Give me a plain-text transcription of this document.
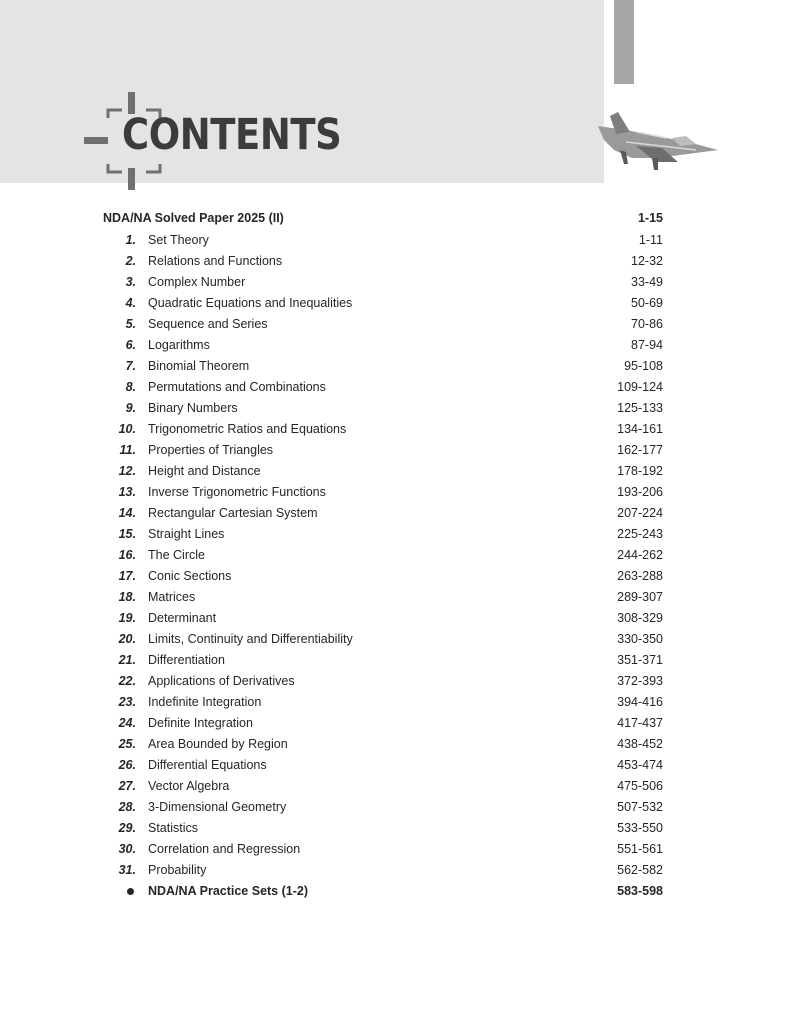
CONTENTS
NDA/NA Solved Paper 2025 (II)	1-15
1. Set Theory	1-11
2. Relations and Functions	12-32
3. Complex Number	33-49
4. Quadratic Equations and Inequalities	50-69
5. Sequence and Series	70-86
6. Logarithms	87-94
7. Binomial Theorem	95-108
8. Permutations and Combinations	109-124
9. Binary Numbers	125-133
10. Trigonometric Ratios and Equations	134-161
11. Properties of Triangles	162-177
12. Height and Distance	178-192
13. Inverse Trigonometric Functions	193-206
14. Rectangular Cartesian System	207-224
15. Straight Lines	225-243
16. The Circle	244-262
17. Conic Sections	263-288
18. Matrices	289-307
19. Determinant	308-329
20. Limits, Continuity and Differentiability	330-350
21. Differentiation	351-371
22. Applications of Derivatives	372-393
23. Indefinite Integration	394-416
24. Definite Integration	417-437
25. Area Bounded by Region	438-452
26. Differential Equations	453-474
27. Vector Algebra	475-506
28. 3-Dimensional Geometry	507-532
29. Statistics	533-550
30. Correlation and Regression	551-561
31. Probability	562-582
NDA/NA Practice Sets (1-2)	583-598
